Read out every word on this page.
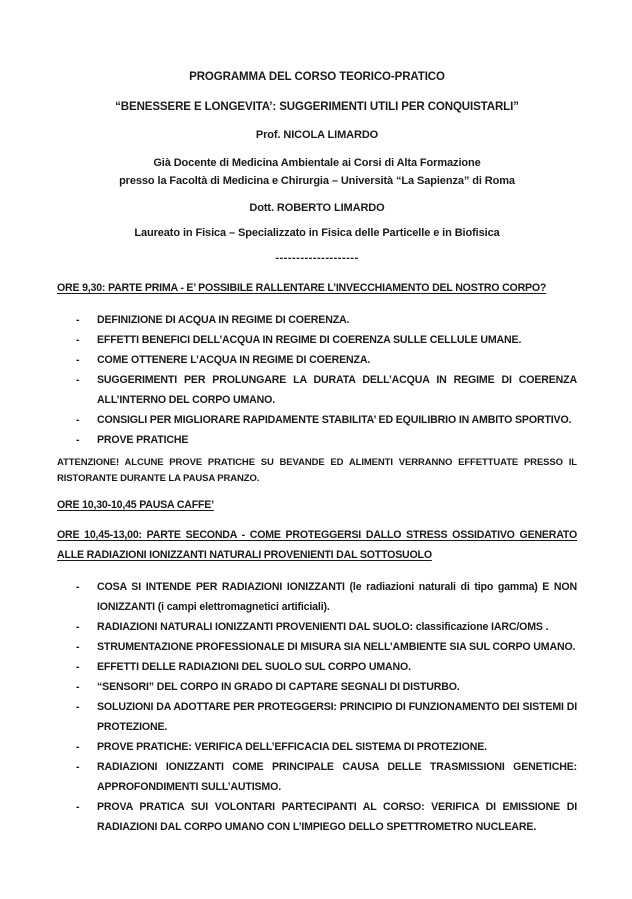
PROGRAMMA DEL CORSO TEORICO-PRATICO
“BENESSERE E LONGEVITA’: SUGGERIMENTI UTILI PER CONQUISTARLI”
Prof. NICOLA LIMARDO
Già Docente di Medicina Ambientale ai Corsi di Alta Formazione
presso la Facoltà di Medicina e Chirurgia – Università “La Sapienza” di Roma
Dott. ROBERTO LIMARDO
Laureato in Fisica – Specializzato in Fisica delle Particelle e in Biofisica
--------------------
ORE 9,30: PARTE PRIMA - E’ POSSIBILE RALLENTARE L’INVECCHIAMENTO DEL NOSTRO CORPO?
- DEFINIZIONE DI ACQUA IN REGIME DI COERENZA.
- EFFETTI BENEFICI DELL’ACQUA IN REGIME DI COERENZA SULLE CELLULE UMANE.
- COME OTTENERE L’ACQUA IN REGIME DI COERENZA.
- SUGGERIMENTI PER PROLUNGARE LA DURATA DELL’ACQUA IN REGIME DI COERENZA ALL’INTERNO DEL CORPO UMANO.
- CONSIGLI PER MIGLIORARE RAPIDAMENTE STABILITA’ ED EQUILIBRIO IN AMBITO SPORTIVO.
- PROVE PRATICHE
ATTENZIONE! ALCUNE PROVE PRATICHE SU BEVANDE ED ALIMENTI VERRANNO EFFETTUATE PRESSO IL RISTORANTE DURANTE LA PAUSA PRANZO.
ORE 10,30-10,45 PAUSA CAFFE’
ORE 10,45-13,00: PARTE SECONDA - COME PROTEGGERSI DALLO STRESS OSSIDATIVO GENERATO ALLE RADIAZIONI IONIZZANTI NATURALI PROVENIENTI DAL SOTTOSUOLO
- COSA SI INTENDE PER RADIAZIONI IONIZZANTI (le radiazioni naturali di tipo gamma) E NON IONIZZANTI (i campi elettromagnetici artificiali).
- RADIAZIONI NATURALI IONIZZANTI PROVENIENTI DAL SUOLO: classificazione IARC/OMS .
- STRUMENTAZIONE PROFESSIONALE DI MISURA SIA NELL’AMBIENTE SIA SUL CORPO UMANO.
- EFFETTI DELLE RADIAZIONI DEL SUOLO SUL CORPO UMANO.
- “SENSORI” DEL CORPO IN GRADO DI CAPTARE SEGNALI DI DISTURBO.
- SOLUZIONI DA ADOTTARE PER PROTEGGERSI: PRINCIPIO DI FUNZIONAMENTO DEI SISTEMI DI PROTEZIONE.
- PROVE PRATICHE: VERIFICA DELL’EFFICACIA DEL SISTEMA DI PROTEZIONE.
- RADIAZIONI IONIZZANTI COME PRINCIPALE CAUSA DELLE TRASMISSIONI GENETICHE: APPROFONDIMENTI SULL’AUTISMO.
- PROVA PRATICA SUI VOLONTARI PARTECIPANTI AL CORSO: VERIFICA DI EMISSIONE DI RADIAZIONI DAL CORPO UMANO CON L’IMPIEGO DELLO SPETTROMETRO NUCLEARE.
